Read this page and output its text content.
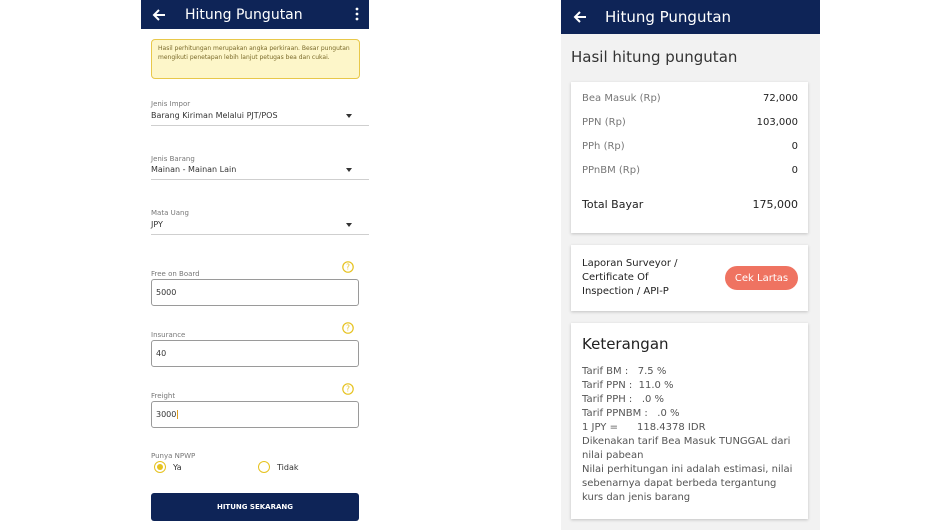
Hitung Pungutan
Hasil perhitungan merupakan angka perkiraan. Besar pungutan mengikuti penetapan lebih lanjut petugas bea dan cukai.
Jenis Impor
Barang Kiriman Melalui PJT/POS
Jenis Barang
Mainan - Mainan Lain
Mata Uang
JPY
Free on Board
?
5000
Insurance
?
40
Freight
?
3000
Punya NPWP
Ya	Tidak
HITUNG SEKARANG
Hitung Pungutan
Hasil hitung pungutan
Bea Masuk (Rp)	72,000
PPN (Rp)	103,000
PPh (Rp)	0
PPnBM (Rp)	0
Total Bayar	175,000
Laporan Surveyor / Certificate Of Inspection / API-P
Cek Lartas
Keterangan
Tarif BM :   7.5 %
Tarif PPN :  11.0 %
Tarif PPH :   .0 %
Tarif PPNBM :   .0 %
1 JPY =      118.4378 IDR
Dikenakan tarif Bea Masuk TUNGGAL dari nilai pabean
Nilai perhitungan ini adalah estimasi, nilai sebenarnya dapat berbeda tergantung kurs dan jenis barang
